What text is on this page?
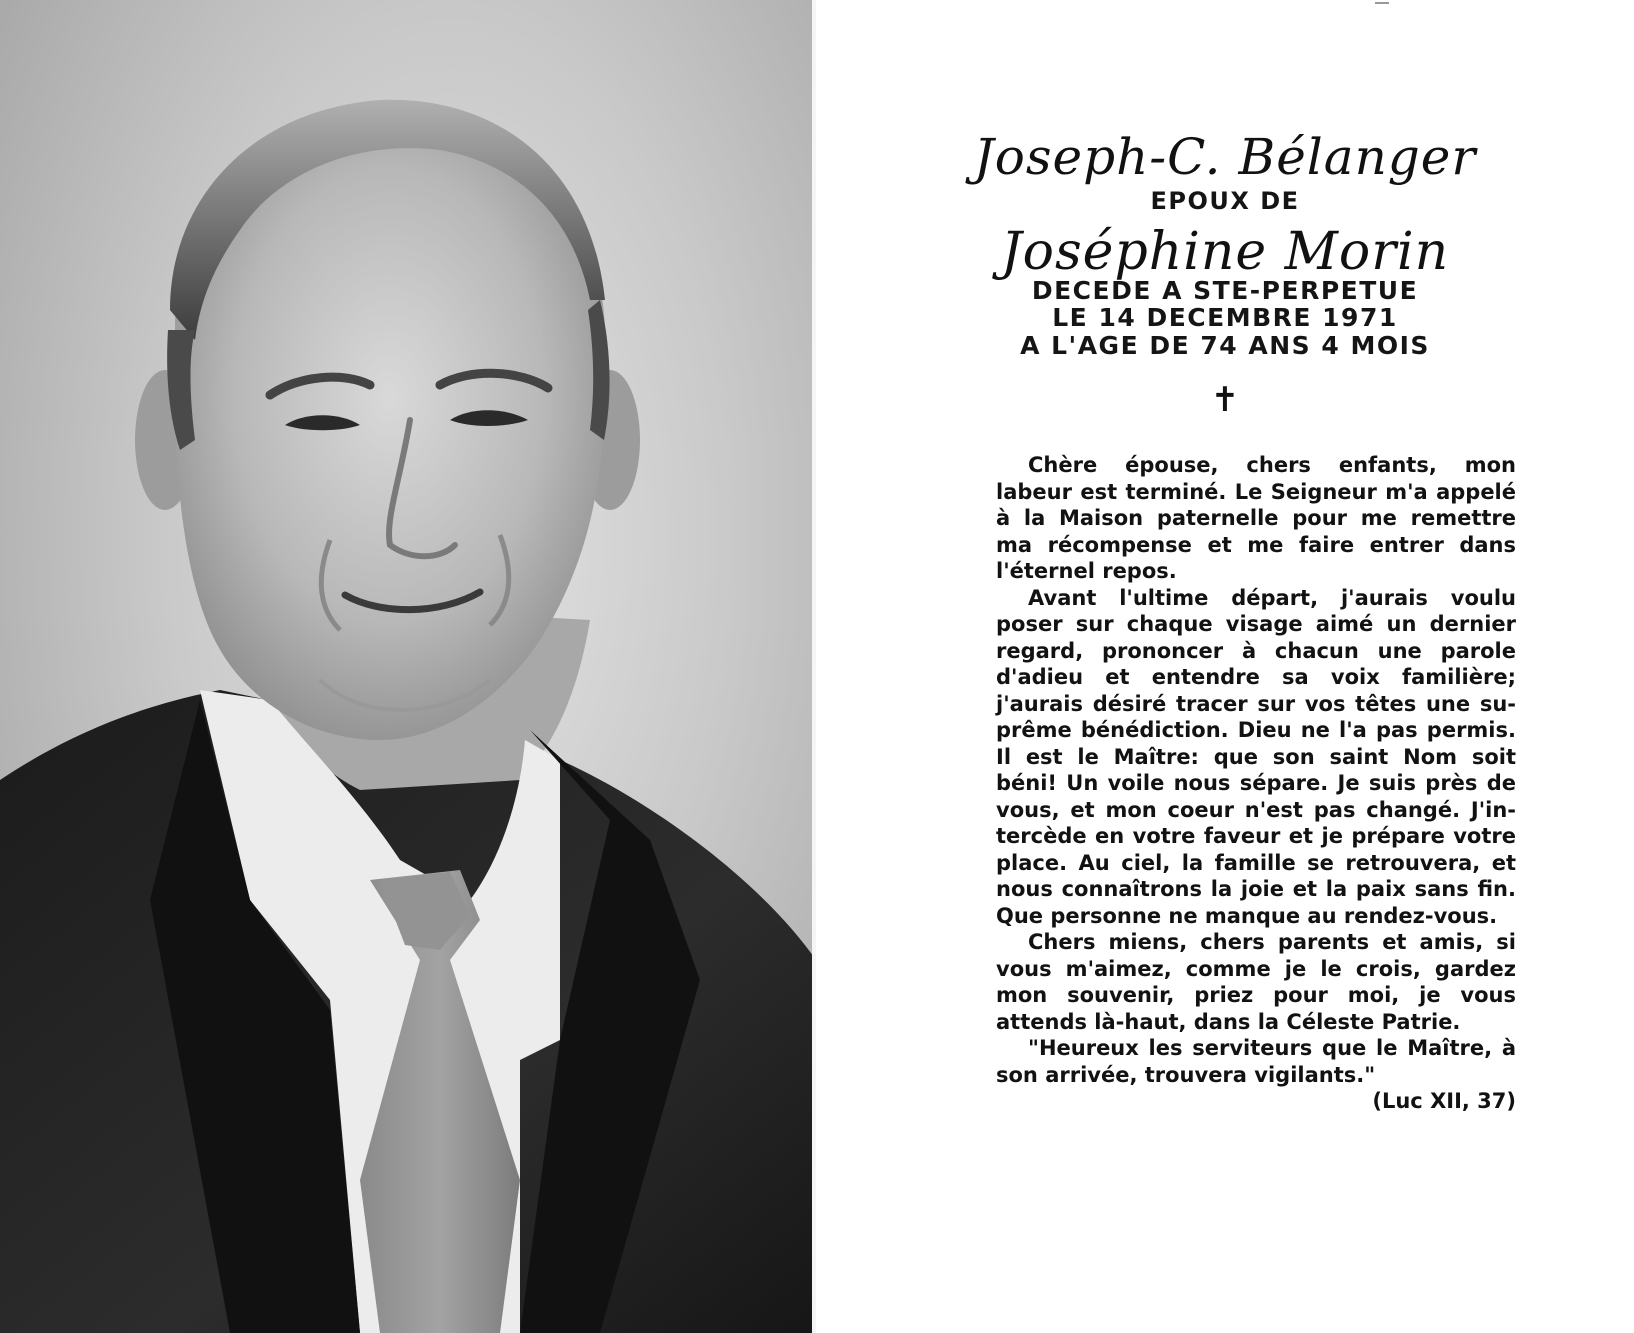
Joseph-C. Bélanger
EPOUX DE
Joséphine Morin
DECEDE A STE-PERPETUE
LE 14 DECEMBRE 1971
A L'AGE DE 74 ANS 4 MOIS
✝

Chère épouse, chers enfants, mon labeur est terminé. Le Seigneur m'a appelé à la Maison paternelle pour me remettre ma récompense et me faire entrer dans l'éternel repos.

Avant l'ultime départ, j'aurais voulu poser sur chaque visage aimé un dernier regard, prononcer à chacun une parole d'adieu et entendre sa voix familière; j'aurais désiré tracer sur vos têtes une suprême bénédiction. Dieu ne l'a pas permis. Il est le Maître: que son saint Nom soit béni! Un voile nous sépare. Je suis près de vous, et mon coeur n'est pas changé. J'intercède en votre faveur et je prépare votre place. Au ciel, la famille se retrouvera, et nous connaîtrons la joie et la paix sans fin. Que personne ne manque au rendez-vous.

Chers miens, chers parents et amis, si vous m'aimez, comme je le crois, gardez mon souvenir, priez pour moi, je vous attends là-haut, dans la Céleste Patrie.

"Heureux les serviteurs que le Maître, à son arrivée, trouvera vigilants."

(Luc XII, 37)
